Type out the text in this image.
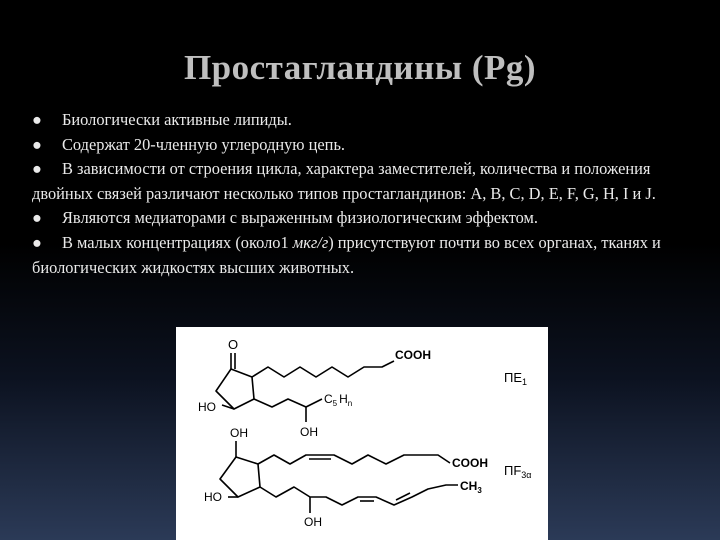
Простагландины (Pg)

● Биологически активные липиды.

● Содержат 20-членную углеродную цепь.

● В зависимости от строения цикла, характера заместителей, количества и положения двойных связей различают несколько типов простагландинов: A, B, C, D, E, F, G, H, I и J.

● Являются медиаторами с выраженным физиологическим эффектом.

● В малых концентрациях (около1 мкг/г) присутствуют почти во всех органах, тканях и биологических жидкостях высших животных.

O
COOH
HO
$C_5$ $H_n$
OH
$ПЕ_1$
OH
COOH
HO
$CH_3$
OH
$ПF_{3\alpha}$
